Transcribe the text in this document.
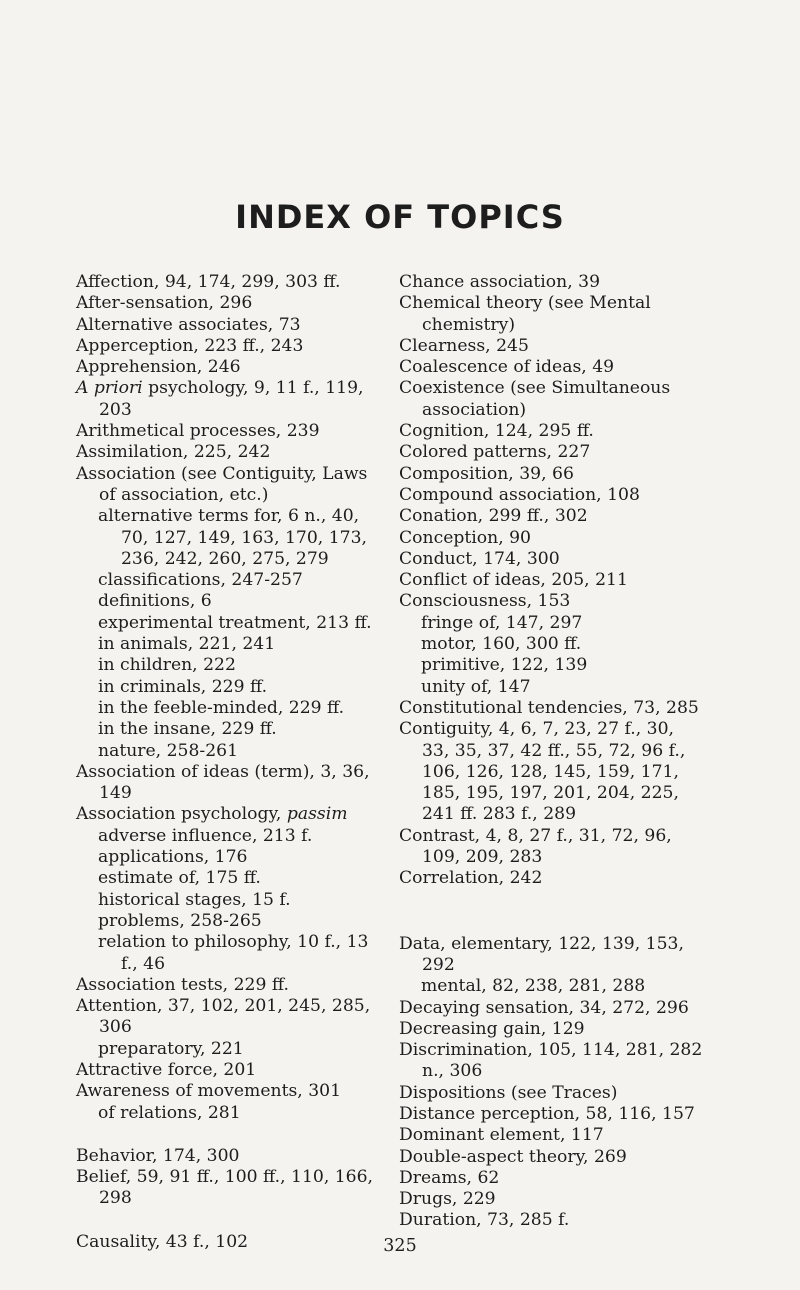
INDEX OF TOPICS
Affection, 94, 174, 299, 303 ff.
After-sensation, 296
Alternative associates, 73
Apperception, 223 ff., 243
Apprehension, 246
A priori psychology, 9, 11 f., 119, 203
Arithmetical processes, 239
Assimilation, 225, 242
Association (see Contiguity, Laws of association, etc.)
alternative terms for, 6 n., 40, 70, 127, 149, 163, 170, 173, 236, 242, 260, 275, 279
classifications, 247-257
definitions, 6
experimental treatment, 213 ff.
in animals, 221, 241
in children, 222
in criminals, 229 ff.
in the feeble-minded, 229 ff.
in the insane, 229 ff.
nature, 258-261
Association of ideas (term), 3, 36, 149
Association psychology, passim
adverse influence, 213 f.
applications, 176
estimate of, 175 ff.
historical stages, 15 f.
problems, 258-265
relation to philosophy, 10 f., 13 f., 46
Association tests, 229 ff.
Attention, 37, 102, 201, 245, 285, 306
preparatory, 221
Attractive force, 201
Awareness of movements, 301
of relations, 281
Behavior, 174, 300
Belief, 59, 91 ff., 100 ff., 110, 166, 298
Causality, 43 f., 102
Chance association, 39
Chemical theory (see Mental chemistry)
Clearness, 245
Coalescence of ideas, 49
Coexistence (see Simultaneous association)
Cognition, 124, 295 ff.
Colored patterns, 227
Composition, 39, 66
Compound association, 108
Conation, 299 ff., 302
Conception, 90
Conduct, 174, 300
Conflict of ideas, 205, 211
Consciousness, 153
fringe of, 147, 297
motor, 160, 300 ff.
primitive, 122, 139
unity of, 147
Constitutional tendencies, 73, 285
Contiguity, 4, 6, 7, 23, 27 f., 30, 33, 35, 37, 42 ff., 55, 72, 96 f., 106, 126, 128, 145, 159, 171, 185, 195, 197, 201, 204, 225, 241 ff. 283 f., 289
Contrast, 4, 8, 27 f., 31, 72, 96, 109, 209, 283
Correlation, 242
Data, elementary, 122, 139, 153, 292
mental, 82, 238, 281, 288
Decaying sensation, 34, 272, 296
Decreasing gain, 129
Discrimination, 105, 114, 281, 282 n., 306
Dispositions (see Traces)
Distance perception, 58, 116, 157
Dominant element, 117
Double-aspect theory, 269
Dreams, 62
Drugs, 229
Duration, 73, 285 f.
325
